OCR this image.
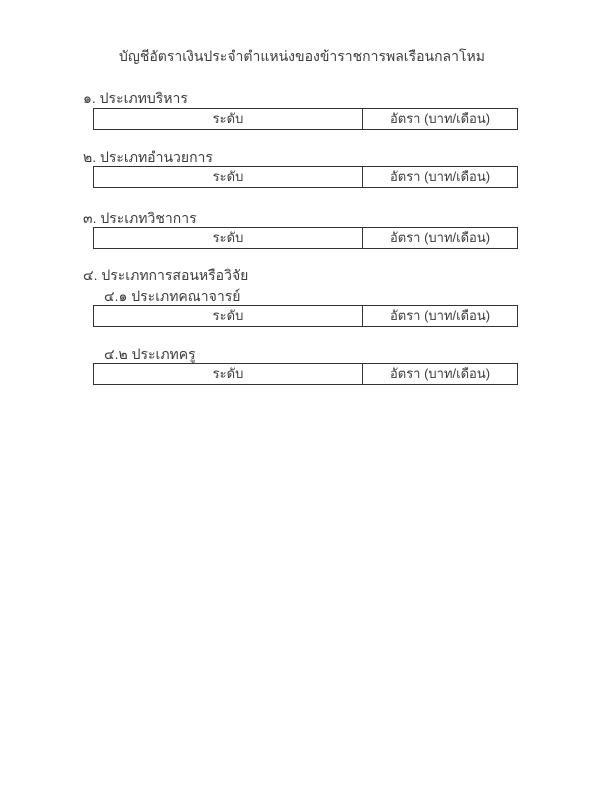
บัญชีอัตราเงินประจำตำแหน่งของข้าราชการพลเรือนกลาโหม
๑. ประเภทบริหาร
ระดับ	อัตรา (บาท/เดือน)
๒. ประเภทอำนวยการ
ระดับ	อัตรา (บาท/เดือน)
๓. ประเภทวิชาการ
ระดับ	อัตรา (บาท/เดือน)
๔. ประเภทการสอนหรือวิจัย
๔.๑ ประเภทคณาจารย์
ระดับ	อัตรา (บาท/เดือน)
๔.๒ ประเภทครู
ระดับ	อัตรา (บาท/เดือน)
